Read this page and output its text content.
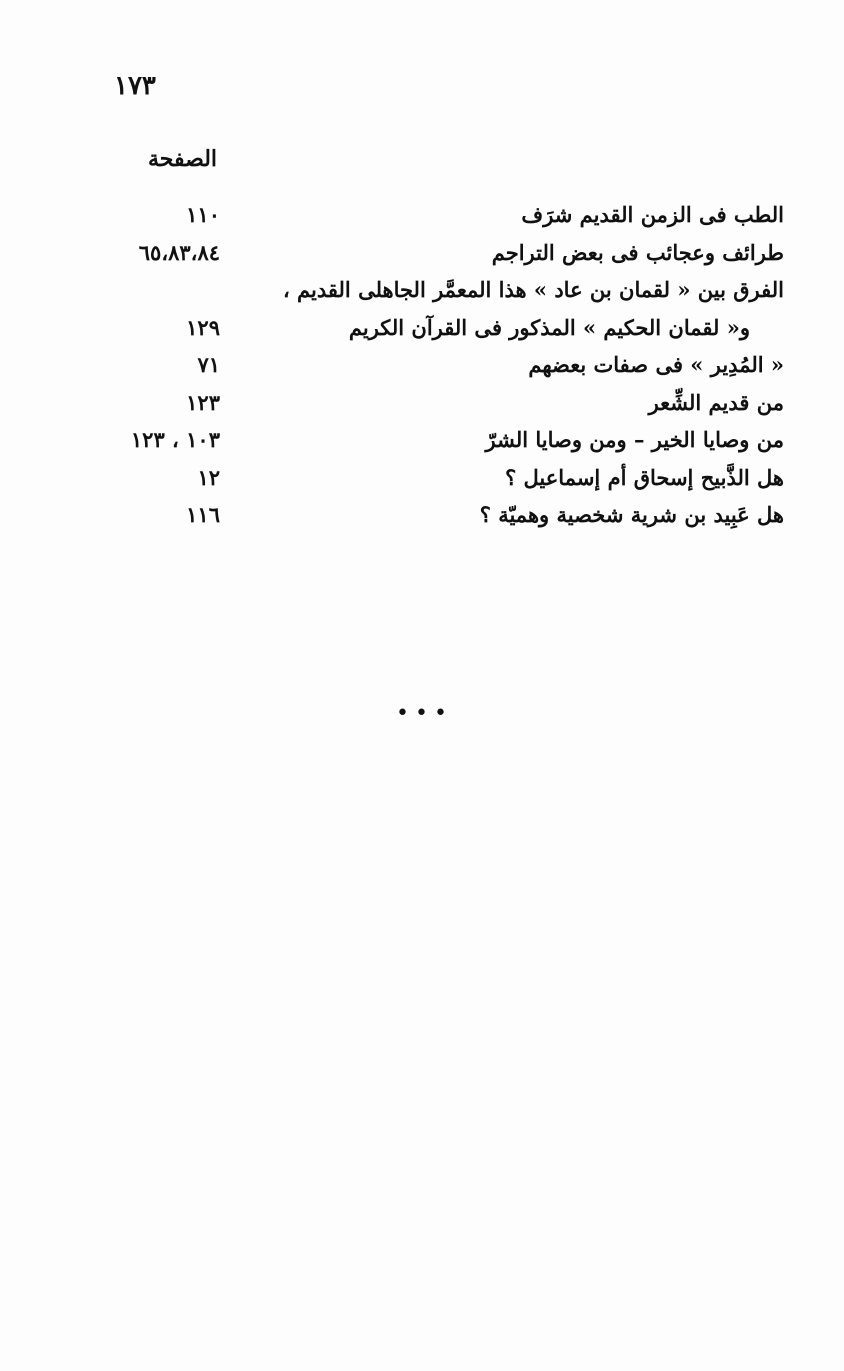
١٧٣
الصفحة
الطب فى الزمن القديم شرَف
١١٠
طرائف وعجائب فى بعض التراجم
٦٥،٨٣،٨٤
الفرق بين « لقمان بن عاد » هذا المعمَّر الجاهلى القديم ،
و« لقمان الحكيم » المذكور فى القرآن الكريم
١٢٩
« المُدِير » فى صفات بعضهم
٧١
من قديم الشِّعر
١٢٣
من وصايا الخير – ومن وصايا الشرّ
١٠٣ ، ١٢٣
هل الذَّبيح إسحاق أم إسماعيل ؟
١٢
هل عَبِيد بن شرية شخصية وهميّة ؟
١١٦
•••
